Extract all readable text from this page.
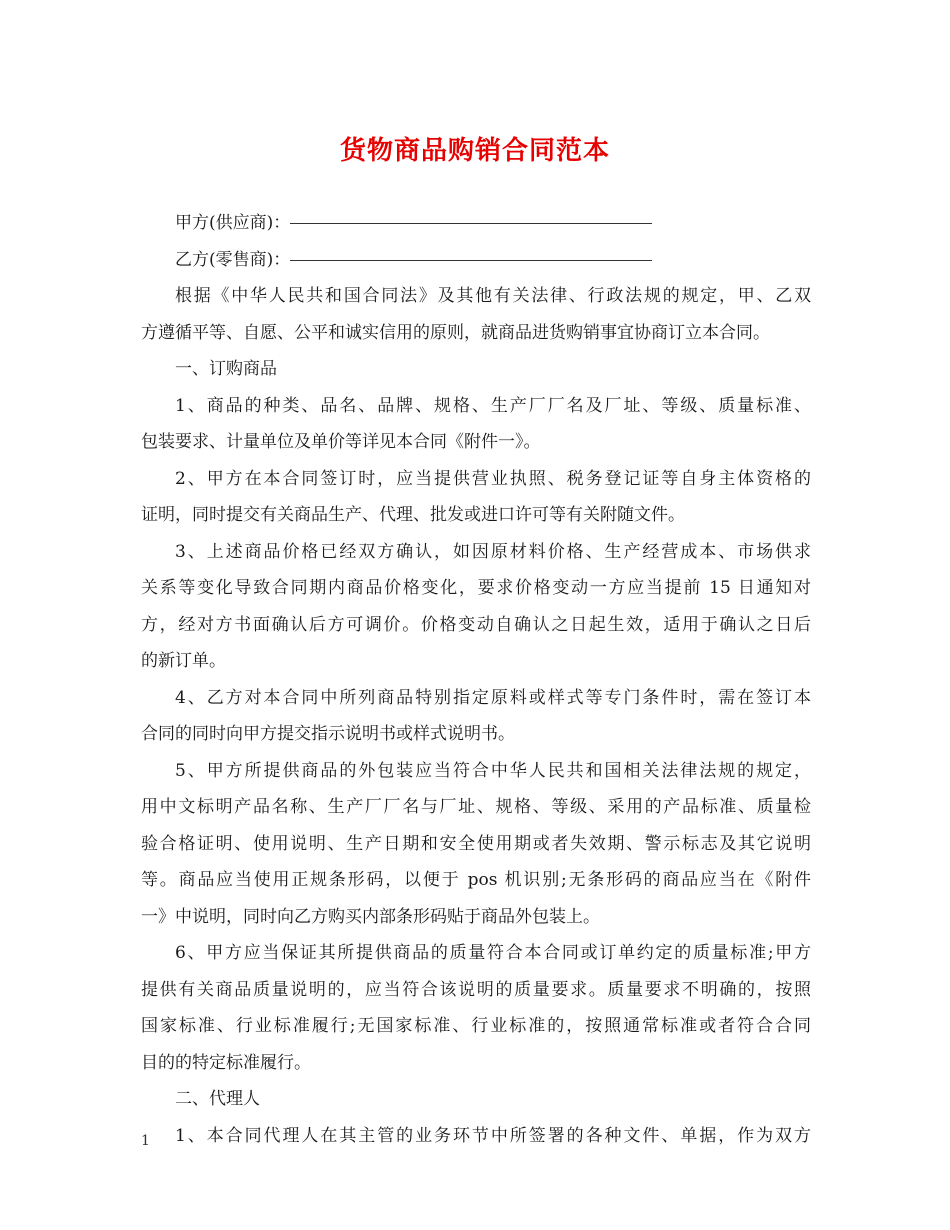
货物商品购销合同范本
甲方(供应商)：
乙方(零售商)：
根据《中华人民共和国合同法》及其他有关法律、行政法规的规定，甲、乙双
方遵循平等、自愿、公平和诚实信用的原则，就商品进货购销事宜协商订立本合同。
一、订购商品
1、商品的种类、品名、品牌、规格、生产厂厂名及厂址、等级、质量标准、
包装要求、计量单位及单价等详见本合同《附件一》。
2、甲方在本合同签订时，应当提供营业执照、税务登记证等自身主体资格的
证明，同时提交有关商品生产、代理、批发或进口许可等有关附随文件。
3、上述商品价格已经双方确认，如因原材料价格、生产经营成本、市场供求
关系等变化导致合同期内商品价格变化，要求价格变动一方应当提前 15 日通知对
方，经对方书面确认后方可调价。价格变动自确认之日起生效，适用于确认之日后
的新订单。
4、乙方对本合同中所列商品特别指定原料或样式等专门条件时，需在签订本
合同的同时向甲方提交指示说明书或样式说明书。
5、甲方所提供商品的外包装应当符合中华人民共和国相关法律法规的规定，
用中文标明产品名称、生产厂厂名与厂址、规格、等级、采用的产品标准、质量检
验合格证明、使用说明、生产日期和安全使用期或者失效期、警示标志及其它说明
等。商品应当使用正规条形码，以便于 pos 机识别;无条形码的商品应当在《附件
一》中说明，同时向乙方购买内部条形码贴于商品外包装上。
6、甲方应当保证其所提供商品的质量符合本合同或订单约定的质量标准;甲方
提供有关商品质量说明的，应当符合该说明的质量要求。质量要求不明确的，按照
国家标准、行业标准履行;无国家标准、行业标准的，按照通常标准或者符合合同
目的的特定标准履行。
二、代理人
1、本合同代理人在其主管的业务环节中所签署的各种文件、单据，作为双方
1
